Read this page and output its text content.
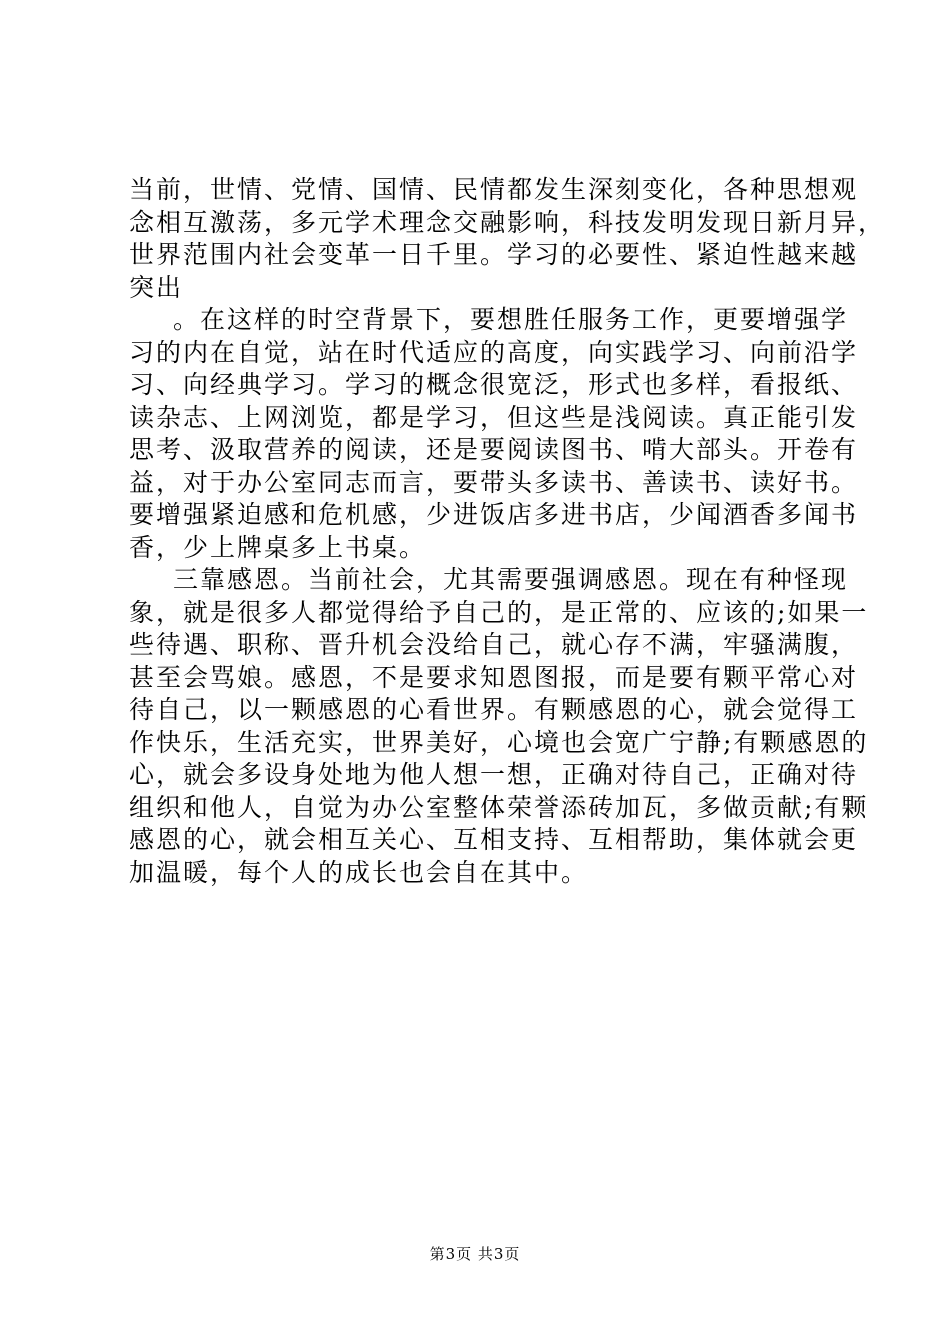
当前，世情、党情、国情、民情都发生深刻变化，各种思想观
念相互激荡，多元学术理念交融影响，科技发明发现日新月异，
世界范围内社会变革一日千里。学习的必要性、紧迫性越来越
突出
。在这样的时空背景下，要想胜任服务工作，更要增强学
习的内在自觉，站在时代适应的高度，向实践学习、向前沿学
习、向经典学习。学习的概念很宽泛，形式也多样，看报纸、
读杂志、上网浏览，都是学习，但这些是浅阅读。真正能引发
思考、汲取营养的阅读，还是要阅读图书、啃大部头。开卷有
益，对于办公室同志而言，要带头多读书、善读书、读好书。
要增强紧迫感和危机感，少进饭店多进书店，少闻酒香多闻书
香，少上牌桌多上书桌。
三靠感恩。当前社会，尤其需要强调感恩。现在有种怪现
象，就是很多人都觉得给予自己的，是正常的、应该的;如果一
些待遇、职称、晋升机会没给自己，就心存不满，牢骚满腹，
甚至会骂娘。感恩，不是要求知恩图报，而是要有颗平常心对
待自己，以一颗感恩的心看世界。有颗感恩的心，就会觉得工
作快乐，生活充实，世界美好，心境也会宽广宁静;有颗感恩的
心，就会多设身处地为他人想一想，正确对待自己，正确对待
组织和他人，自觉为办公室整体荣誉添砖加瓦，多做贡献;有颗
感恩的心，就会相互关心、互相支持、互相帮助，集体就会更
加温暖，每个人的成长也会自在其中。
第3页 共3页
